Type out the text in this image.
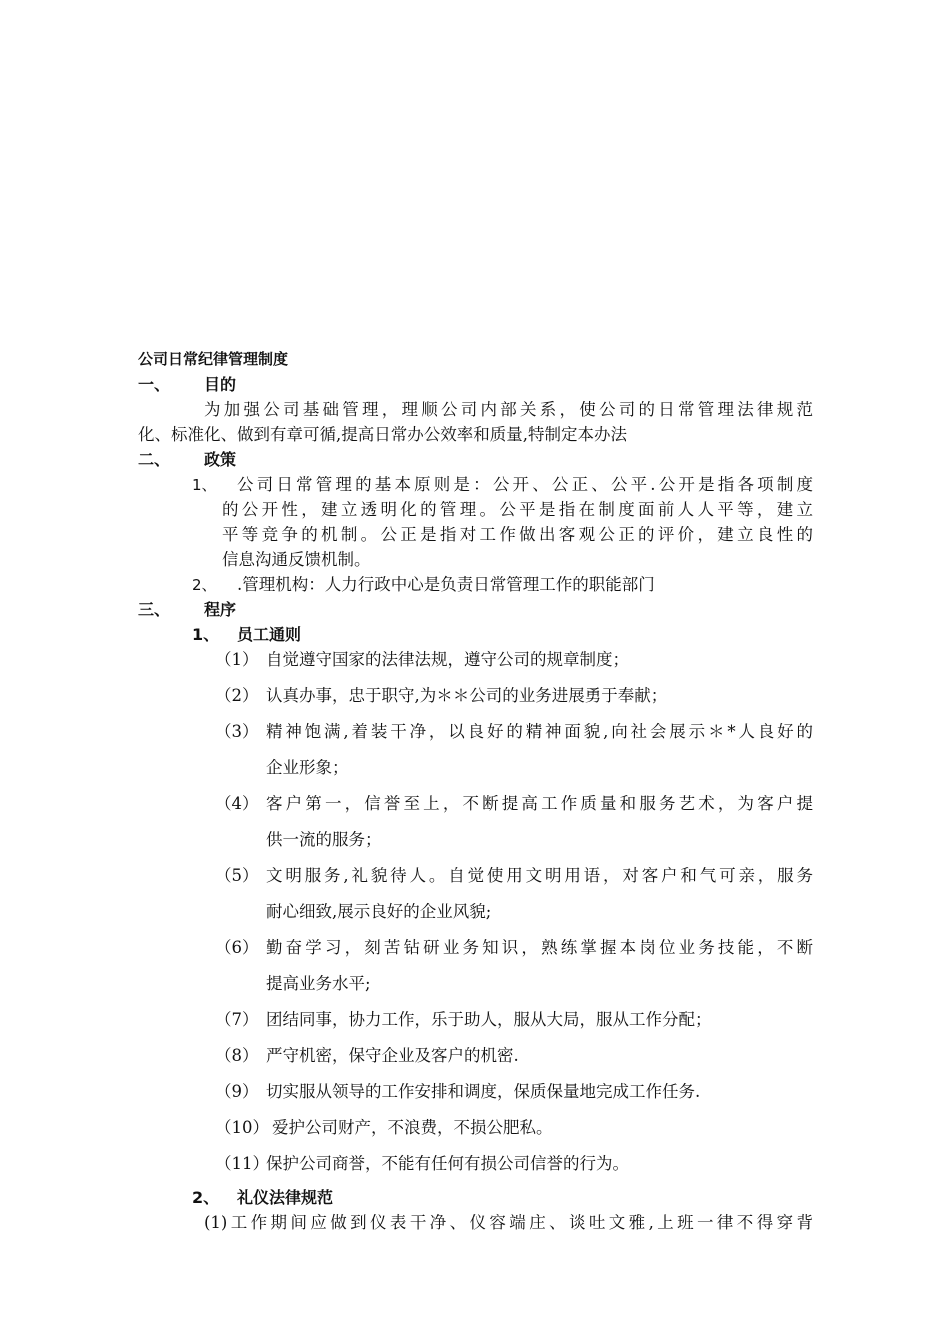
公司日常纪律管理制度
一、 目的
为加强公司基础管理，理顺公司内部关系，使公司的日常管理法律规范
化、标准化、做到有章可循,提高日常办公效率和质量,特制定本办法
二、 政策
1、 公司日常管理的基本原则是：公开、公正、公平.公开是指各项制度
的公开性，建立透明化的管理。公平是指在制度面前人人平等，建立
平等竞争的机制。公正是指对工作做出客观公正的评价，建立良性的
信息沟通反馈机制。
2、 .管理机构：人力行政中心是负责日常管理工作的职能部门
三、 程序
1、 员工通则
（1） 自觉遵守国家的法律法规，遵守公司的规章制度；
（2） 认真办事，忠于职守,为＊＊公司的业务进展勇于奉献；
（3） 精神饱满,着装干净，以良好的精神面貌,向社会展示＊*人良好的
企业形象；
（4） 客户第一，信誉至上，不断提高工作质量和服务艺术，为客户提
供一流的服务；
（5） 文明服务,礼貌待人。自觉使用文明用语，对客户和气可亲，服务
耐心细致,展示良好的企业风貌;
（6） 勤奋学习，刻苦钻研业务知识，熟练掌握本岗位业务技能，不断
提高业务水平;
（7） 团结同事，协力工作，乐于助人，服从大局，服从工作分配；
（8） 严守机密，保守企业及客户的机密.
（9） 切实服从领导的工作安排和调度，保质保量地完成工作任务.
（10） 爱护公司财产，不浪费，不损公肥私。
（11）
保护公司商誉，不能有任何有损公司信誉的行为。
2、 礼仪法律规范
(1)工作期间应做到仪表干净、仪容端庄、谈吐文雅,上班一律不得穿背
